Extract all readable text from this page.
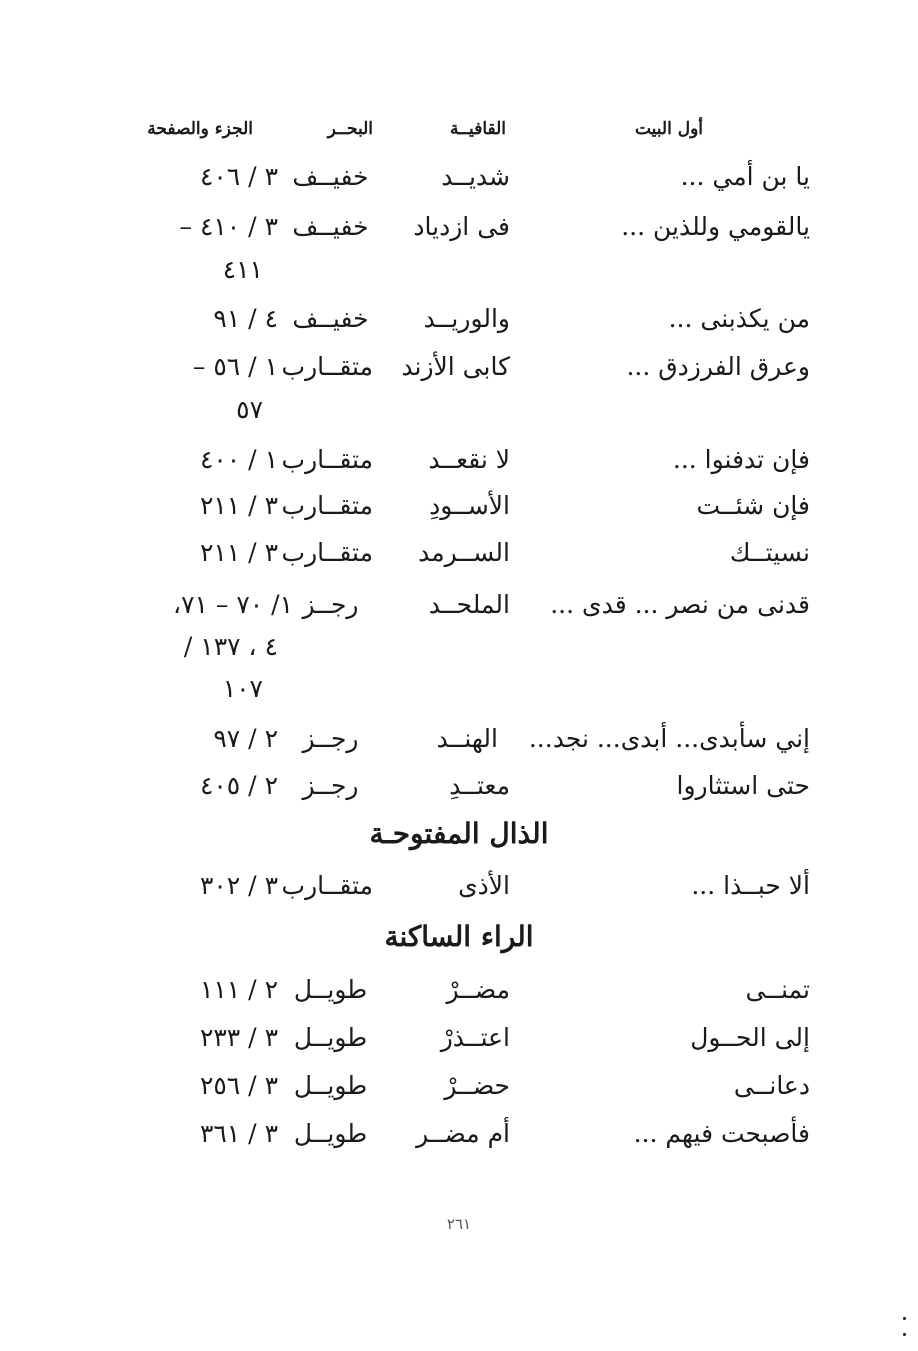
أول البيت
القافيــة
البحــر
الجزء والصفحة
يا بن أمي ...
شديــد
خفيــف
٣ / ٤٠٦
يالقومي وللذين ...
فى ازدياد
خفيــف
٣ / ٤١٠ –
٤١١
من يكذبنى ...
والوريــد
خفيــف
٤ / ٩١
وعرق الفرزدق ...
كابى الأزند
متقــارب
١ / ٥٦ –
٥٧
فإن تدفنوا ...
لا نقعــد
متقــارب
١ / ٤٠٠
فإن شئــت
الأســودِ
متقــارب
٣ / ٢١١
نسيتــك
الســرمد
متقــارب
٣ / ٢١١
قدنى من نصر ... قدى ...
الملحــد
رجــز
١/ ٧٠ – ٧١،
٤ ، ١٣٧ /
١٠٧
إني سأبدى... أبدى... نجد...
الهنــد
رجــز
٢ / ٩٧
حتى استثاروا
معتــدِ
رجــز
٢ / ٤٠٥
الذال المفتوحـة
ألا حبــذا ...
الأذى
متقــارب
٣ / ٣٠٢
الراء الساكنة
تمنــى
مضــرْ
طويــل
٢ / ١١١
إلى الحــول
اعتــذرْ
طويــل
٣ / ٢٣٣
دعانــى
حضــرْ
طويــل
٣ / ٢٥٦
فأصبحت فيهم ...
أم مضــر
طويــل
٣ / ٣٦١
٢٦١
